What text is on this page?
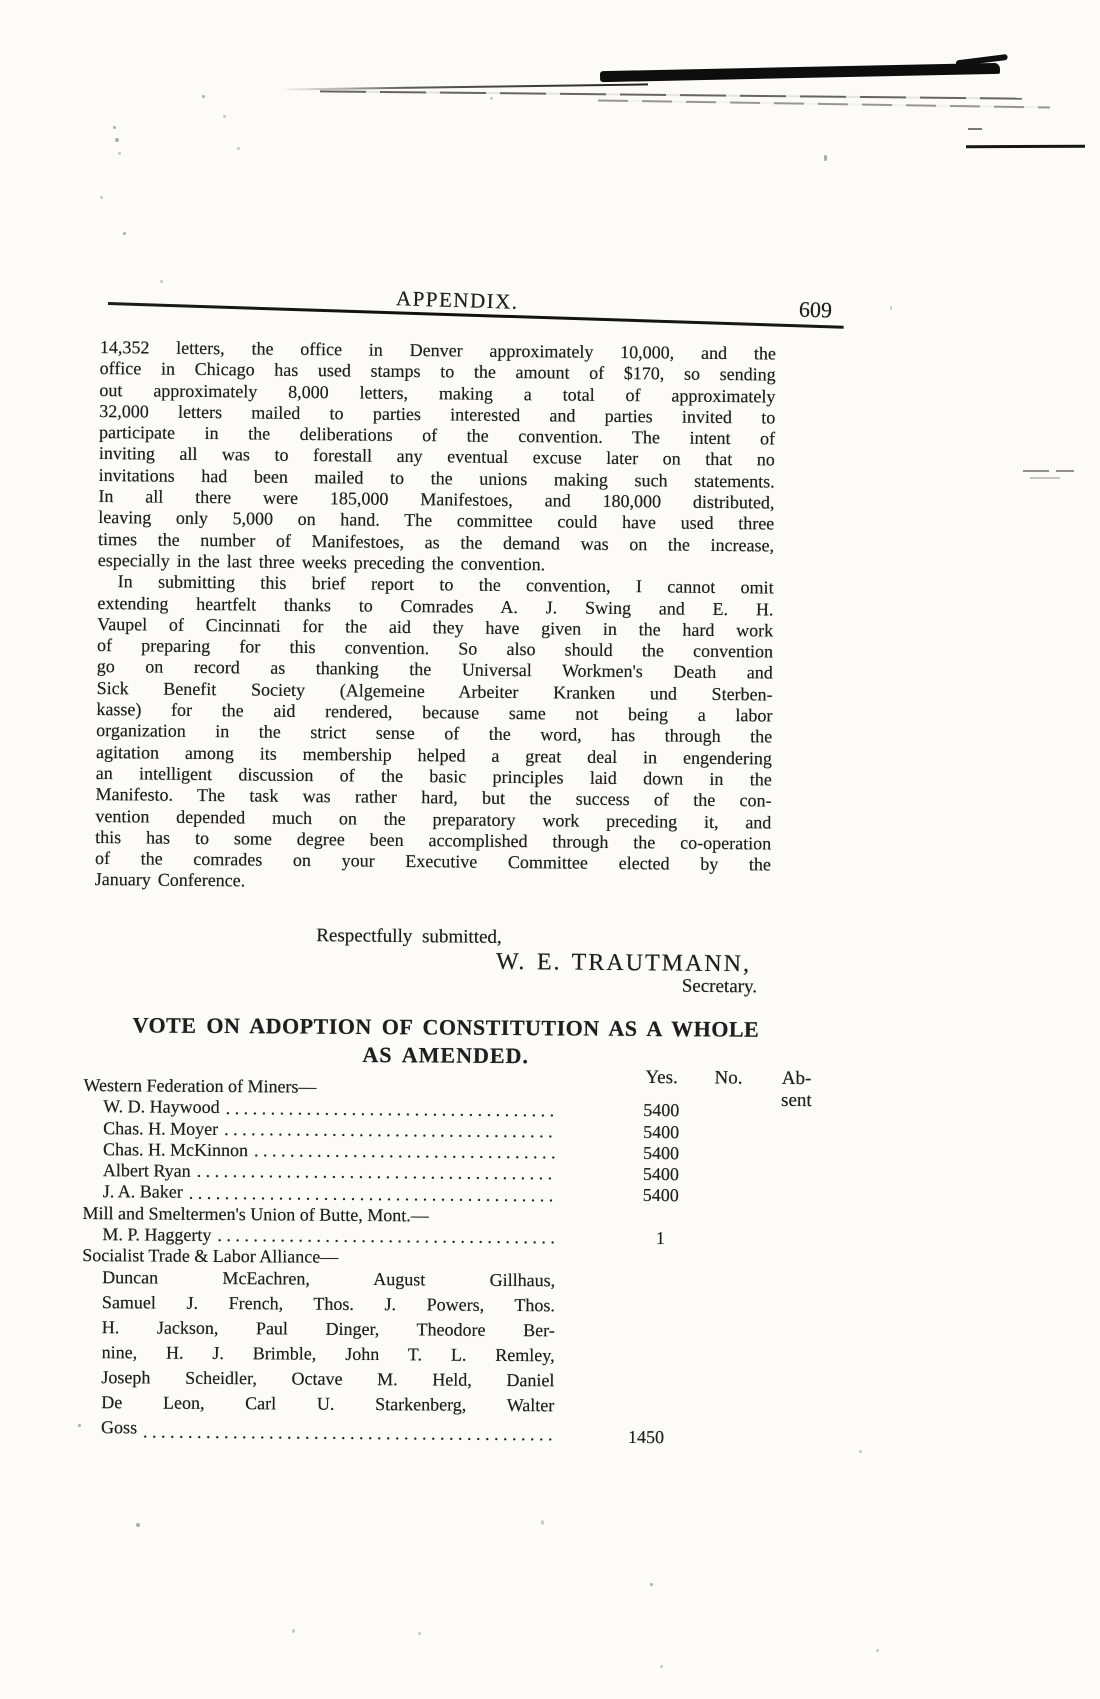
APPENDIX.	609
14,352 letters, the office in Denver approximately 10,000, and the
office in Chicago has used stamps to the amount of $170, so sending
out approximately 8,000 letters, making a total of approximately
32,000 letters mailed to parties interested and parties invited to
participate in the deliberations of the convention. The intent of
inviting all was to forestall any eventual excuse later on that no
invitations had been mailed to the unions making such statements.
In all there were 185,000 Manifestoes, and 180,000 distributed,
leaving only 5,000 on hand. The committee could have used three
times the number of Manifestoes, as the demand was on the increase,
especially in the last three weeks preceding the convention.
In submitting this brief report to the convention, I cannot omit
extending heartfelt thanks to Comrades A. J. Swing and E. H.
Vaupel of Cincinnati for the aid they have given in the hard work
of preparing for this convention. So also should the convention
go on record as thanking the Universal Workmen's Death and
Sick Benefit Society (Algemeine Arbeiter Kranken und Sterben-
kasse) for the aid rendered, because same not being a labor
organization in the strict sense of the word, has through the
agitation among its membership helped a great deal in engendering
an intelligent discussion of the basic principles laid down in the
Manifesto. The task was rather hard, but the success of the con-
vention depended much on the preparatory work preceding it, and
this has to some degree been accomplished through the co-operation
of the comrades on your Executive Committee elected by the
January Conference.
Respectfully submitted,
W. E. TRAUTMANN,
Secretary.
VOTE ON ADOPTION OF CONSTITUTION AS A WHOLE
AS AMENDED.
Yes.	No.	Ab-
sent
Western Federation of Miners—
W. D. Haywood .....	5400
Chas. H. Moyer .....	5400
Chas. H. McKinnon .....	5400
Albert Ryan .....	5400
J. A. Baker .....	5400
Mill and Smeltermen's Union of Butte, Mont.—
M. P. Haggerty .....	1
Socialist Trade & Labor Alliance—
Duncan McEachren, August Gillhaus,
Samuel J. French, Thos. J. Powers, Thos.
H. Jackson, Paul Dinger, Theodore Ber-
nine, H. J. Brimble, John T. L. Remley,
Joseph Scheidler, Octave M. Held, Daniel
De Leon, Carl U. Starkenberg, Walter
Goss .....	1450
